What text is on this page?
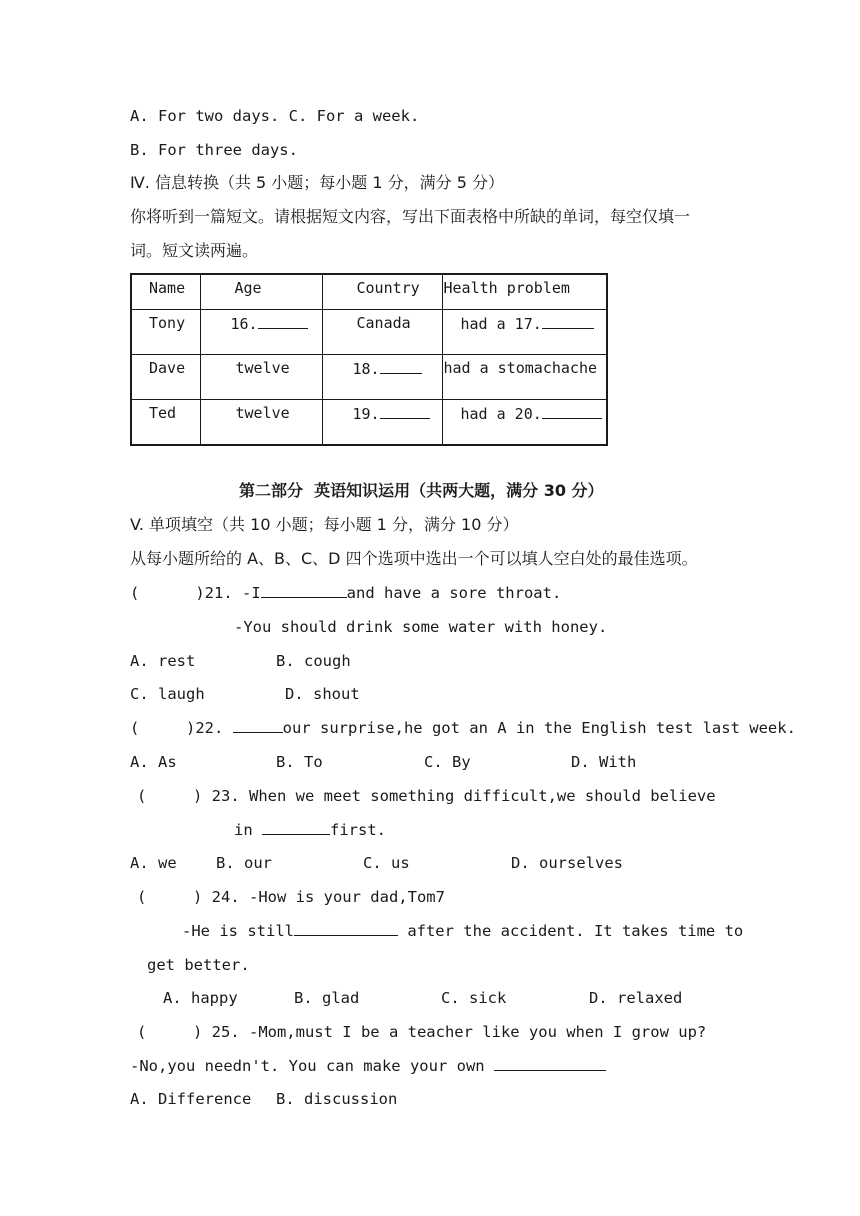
A. For two days. C. For a week.
B. For three days.
Ⅳ. 信息转换（共 5 小题；每小题 1 分，满分 5 分）
你将听到一篇短文。请根据短文内容，写出下面表格中所缺的单词，每空仅填一
词。短文读两遍。
Name	Age	Country	Health problem
Tony	16.	Canada	had a 17.
Dave	twelve	18.	had a stomachache
Ted	twelve	19.	had a 20.
第二部分  英语知识运用（共两大题，满分 30 分）
V. 单项填空（共 10 小题；每小题 1 分，满分 10 分）
从每小题所给的 A、B、C、D 四个选项中选出一个可以填人空白处的最佳选项。
(      )21. -I	and have a sore throat.
-You should drink some water with honey.
A. rest	B. cough
C. laugh	D. shout
(     )22.	our surprise,he got an A in the English test last week.
A. As	B. To	C. By	D. With
(     ) 23. When we meet something difficult,we should believe
in	first.
A. we	B. our	C. us	D. ourselves
(     ) 24. -How is your dad,Tom7
-He is still	after the accident. It takes time to
get better.
A. happy	B. glad	C. sick	D. relaxed
(     ) 25. -Mom,must I be a teacher like you when I grow up?
-No,you needn't. You can make your own
A. Difference B. discussion
